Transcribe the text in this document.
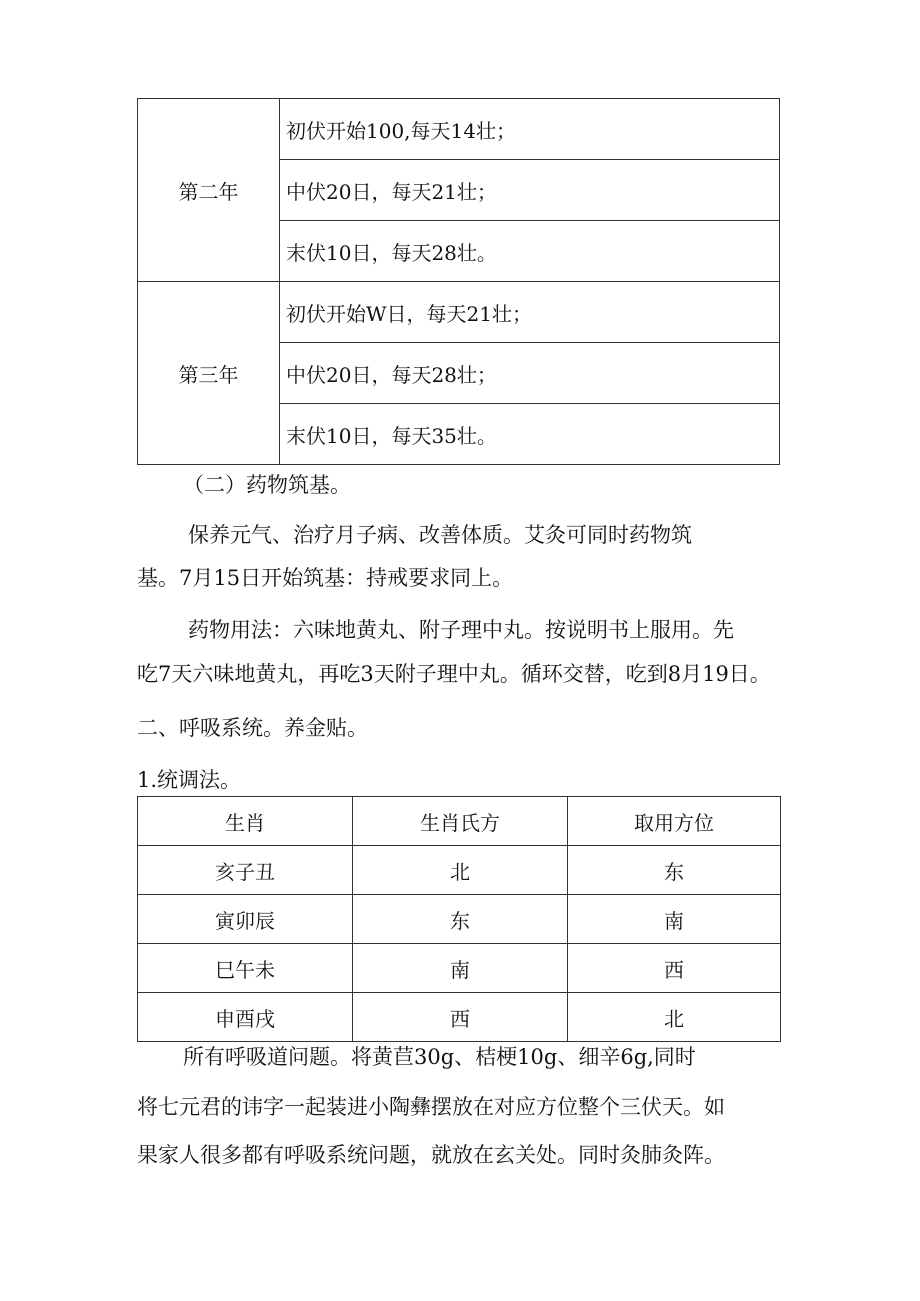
第二年	初伏开始100,每天14壮；
	中伏20日，每天21壮；
	末伏10日，每天28壮。
第三年	初伏开始W日，每天21壮；
	中伏20日，每天28壮；
	末伏10日，每天35壮。
（二）药物筑基。
保养元气、治疗月子病、改善体质。艾灸可同时药物筑
基。7月15日开始筑基：持戒要求同上。
药物用法：六味地黄丸、附子理中丸。按说明书上服用。先
吃7天六味地黄丸，再吃3天附子理中丸。循环交替，吃到8月19日。
二、呼吸系统。养金贴。
1.统调法。
生肖	生肖氏方	取用方位
亥子丑	北	东
寅卯辰	东	南
巳午未	南	西
申酉戌	西	北
所有呼吸道问题。将黄苣30g、桔梗10g、细辛6g,同时
将七元君的讳字一起装进小陶彝摆放在对应方位整个三伏天。如
果家人很多都有呼吸系统问题，就放在玄关处。同时灸肺灸阵。
